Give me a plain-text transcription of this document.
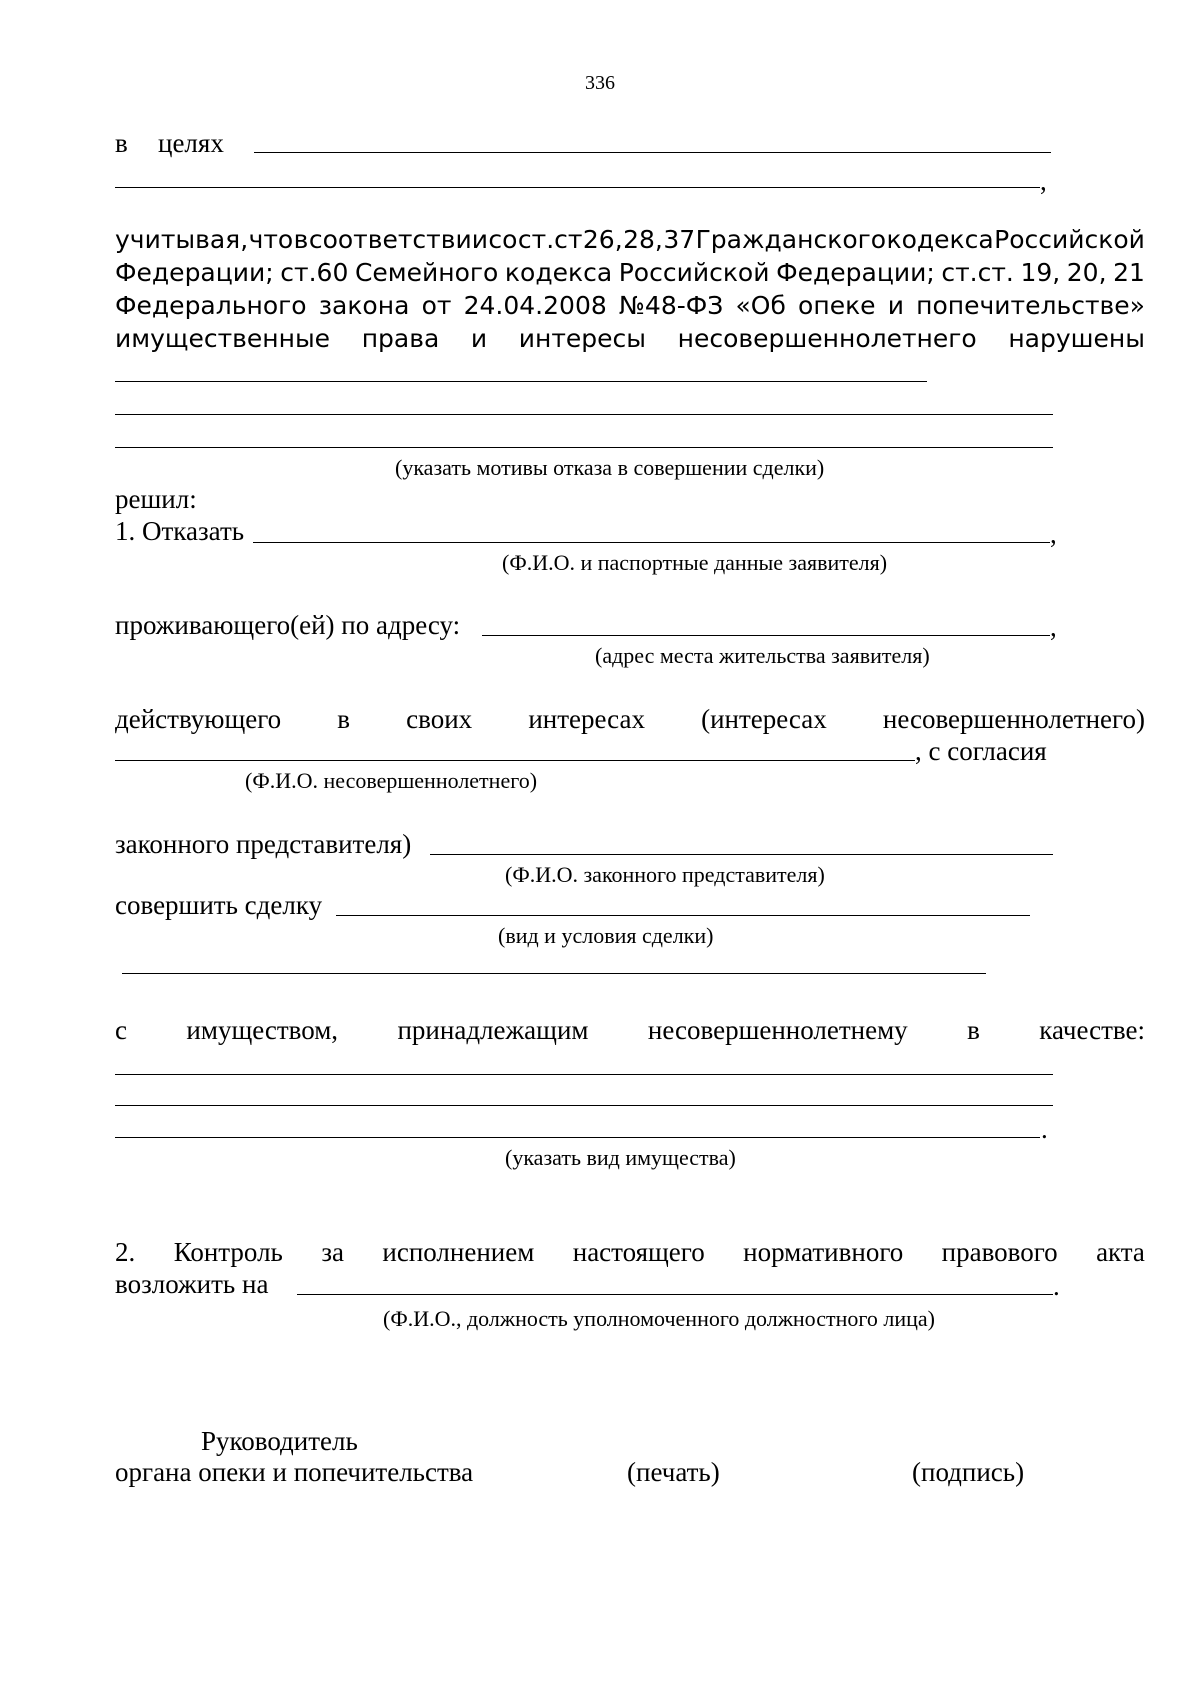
336
в целях
,
учитывая, что в соответствии со ст.ст 26, 28, 37 Гражданского кодекса Российской
Федерации; ст.60 Семейного кодекса Российской Федерации; ст.ст. 19, 20, 21
Федерального закона от 24.04.2008 №48-ФЗ «Об опеке и попечительстве»
имущественные права и интересы несовершеннолетнего нарушены
(указать мотивы отказа в совершении сделки)
решил:
1. Отказать	,
(Ф.И.О. и паспортные данные заявителя)
проживающего(ей) по адресу:	,
(адрес места жительства заявителя)
действующего в своих интересах (интересах несовершеннолетнего)
, с согласия
(Ф.И.О. несовершеннолетнего)
законного представителя)
(Ф.И.О. законного представителя)
совершить сделку
(вид и условия сделки)
с имуществом, принадлежащим несовершеннолетнему в качестве:
.
(указать вид имущества)
2. Контроль за исполнением настоящего нормативного правового акта
возложить на	.
(Ф.И.О., должность уполномоченного должностного лица)
Руководитель
органа опеки и попечительства	(печать)	(подпись)
